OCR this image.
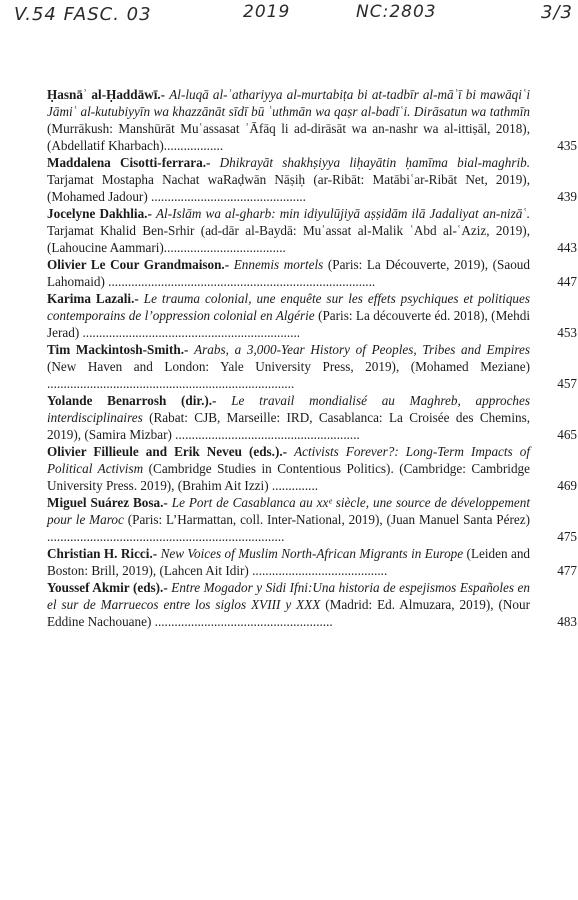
V.54 FASC. 03	2019	NC:2803	3/3
Ḥasnāʾ al-Ḥaddāwī.- Al-luqā al-ʾathariyya al-murtabiṭa bi at-tadbīr al-māʾī bi mawāqiʿi Jāmiʿ al-kutubiyyīn wa khazzānāt sīdī bū ʿuthmān wa qaṣr al-badīʿi. Dirāsatun wa tathmīn (Murrākush: Manshūrāt Muʿassasat ʾĀfāq li ad-dirāsāt wa an-nashr wa al-ittiṣāl, 2018), (Abdellatif Kharbach)..................	435
Maddalena Cisotti-ferrara.- Dhikrayāt shakhṣiyya liḥayātin ḥamīma bial-maghrib. Tarjamat Mostapha Nachat waRaḍwān Nāṣiḥ (ar-Ribāt: Matābiʿar-Ribāt Net, 2019), (Mohamed Jadour) ...............................................	439
Jocelyne Dakhlia.- Al-Islām wa al-gharb: min idiyulūjiyā aṣṣidām ilā Jadaliyat an-nizāʿ. Tarjamat Khalid Ben-Srhir (ad-dār al-Baydā: Muʾassat al-Malik ʿAbd al-ʿAziz, 2019), (Lahoucine Aammari).....................................	443
Olivier Le Cour Grandmaison.- Ennemis mortels (Paris: La Découverte, 2019), (Saoud Lahomaid) .................................................................................	447
Karima Lazali.- Le trauma colonial, une enquête sur les effets psychiques et politiques contemporains de l’oppression colonial en Algérie (Paris: La découverte éd. 2018), (Mehdi Jerad) ..................................................................	453
Tim Mackintosh-Smith.- Arabs, a 3,000-Year History of Peoples, Tribes and Empires (New Haven and London: Yale University Press, 2019), (Mohamed Meziane) ...........................................................................	457
Yolande Benarrosh (dir.).- Le travail mondialisé au Maghreb, approches interdisciplinaires (Rabat: CJB, Marseille: IRD, Casablanca: La Croisée des Chemins, 2019), (Samira Mizbar) ........................................................	465
Olivier Fillieule and Erik Neveu (eds.).- Activists Forever?: Long-Term Impacts of Political Activism (Cambridge Studies in Contentious Politics). (Cambridge: Cambridge University Press. 2019), (Brahim Ait Izzi) ..............	469
Miguel Suárez Bosa.- Le Port de Casablanca au xxᵉ siècle, une source de développement pour le Maroc (Paris: L’Harmattan, coll. Inter-National, 2019), (Juan Manuel Santa Pérez) ........................................................................	475
Christian H. Ricci.- New Voices of Muslim North-African Migrants in Europe (Leiden and Boston: Brill, 2019), (Lahcen Ait Idir) .........................................	477
Youssef Akmir (eds).- Entre Mogador y Sidi Ifni:Una historia de espejismos Españoles en el sur de Marruecos entre los siglos XVIII y XXX (Madrid: Ed. Almuzara, 2019), (Nour Eddine Nachouane) ......................................................	483
